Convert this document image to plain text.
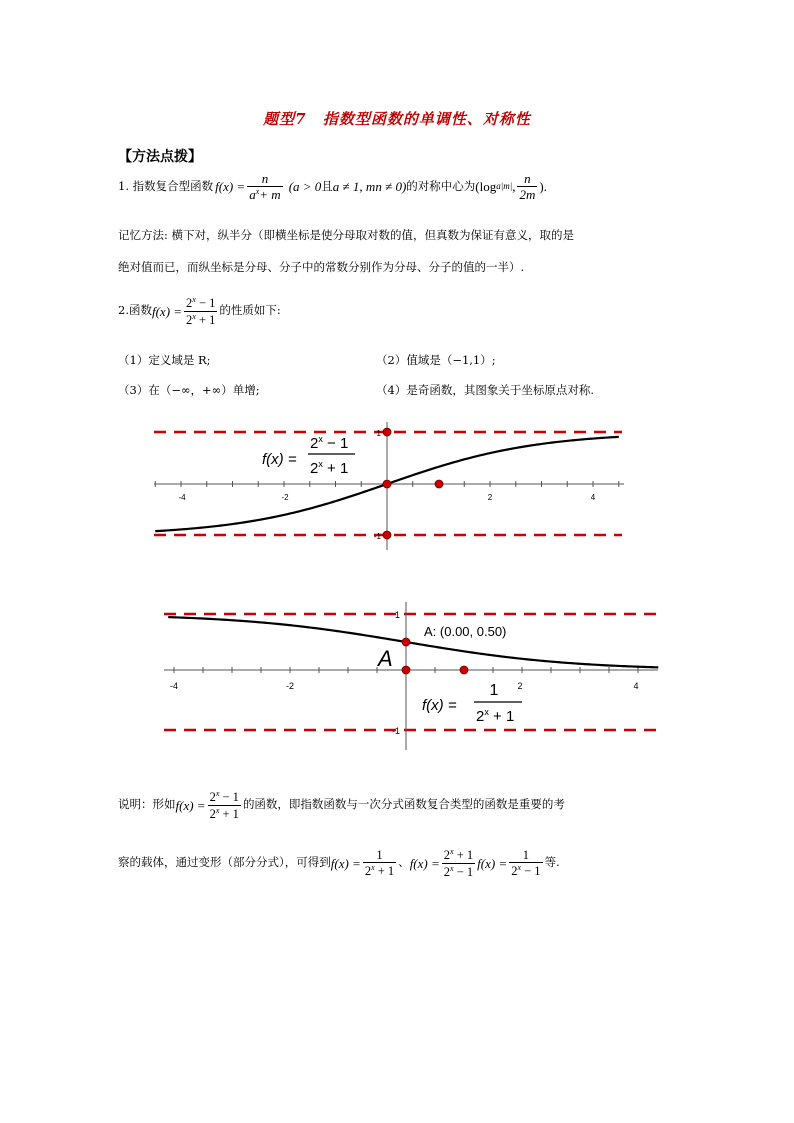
题型7 指数型函数的单调性、对称性
【方法点拨】
1. 指数复合型函数 $f(x) = \frac{n}{a^x+ m} (a > 0$ 且 a ≠ 1, mn ≠ 0) 的对称中心为 (log a |m| , $\frac{n}{2m}$ ).
记忆方法: 横下对，纵半分（即横坐标是使分母取对数的值，但真数为保证有意义，取的是
绝对值而已，而纵坐标是分母、分子中的常数分别作为分母、分子的值的一半）.
2.函数 $f(x) = \frac{2^x - 1}{2^x + 1}$ 的性质如下:
（1）定义域是 R;	（2）值域是（−1,1）;
（3）在（−∞，+∞）单增;	（4）是奇函数，其图象关于坐标原点对称.
-4	-2	2	4
1
-1
f(x) =
$2^x - 1$
$2^x + 1$
-4	-2	2	4
1
-1
A: (0.00, 0.50)
A
f(x) =
1
$2^x + 1$
说明：形如 $f(x) = \frac{2^x - 1}{2^x + 1}$ 的函数，即指数函数与一次分式函数复合类型的函数是重要的考
察的载体，通过变形（部分分式），可得到 $f(x) = \frac{1}{2^x + 1}$ 、 $f(x) = \frac{2^x + 1}{2^x - 1} f(x) = \frac{1}{2^x - 1}$ 等.
